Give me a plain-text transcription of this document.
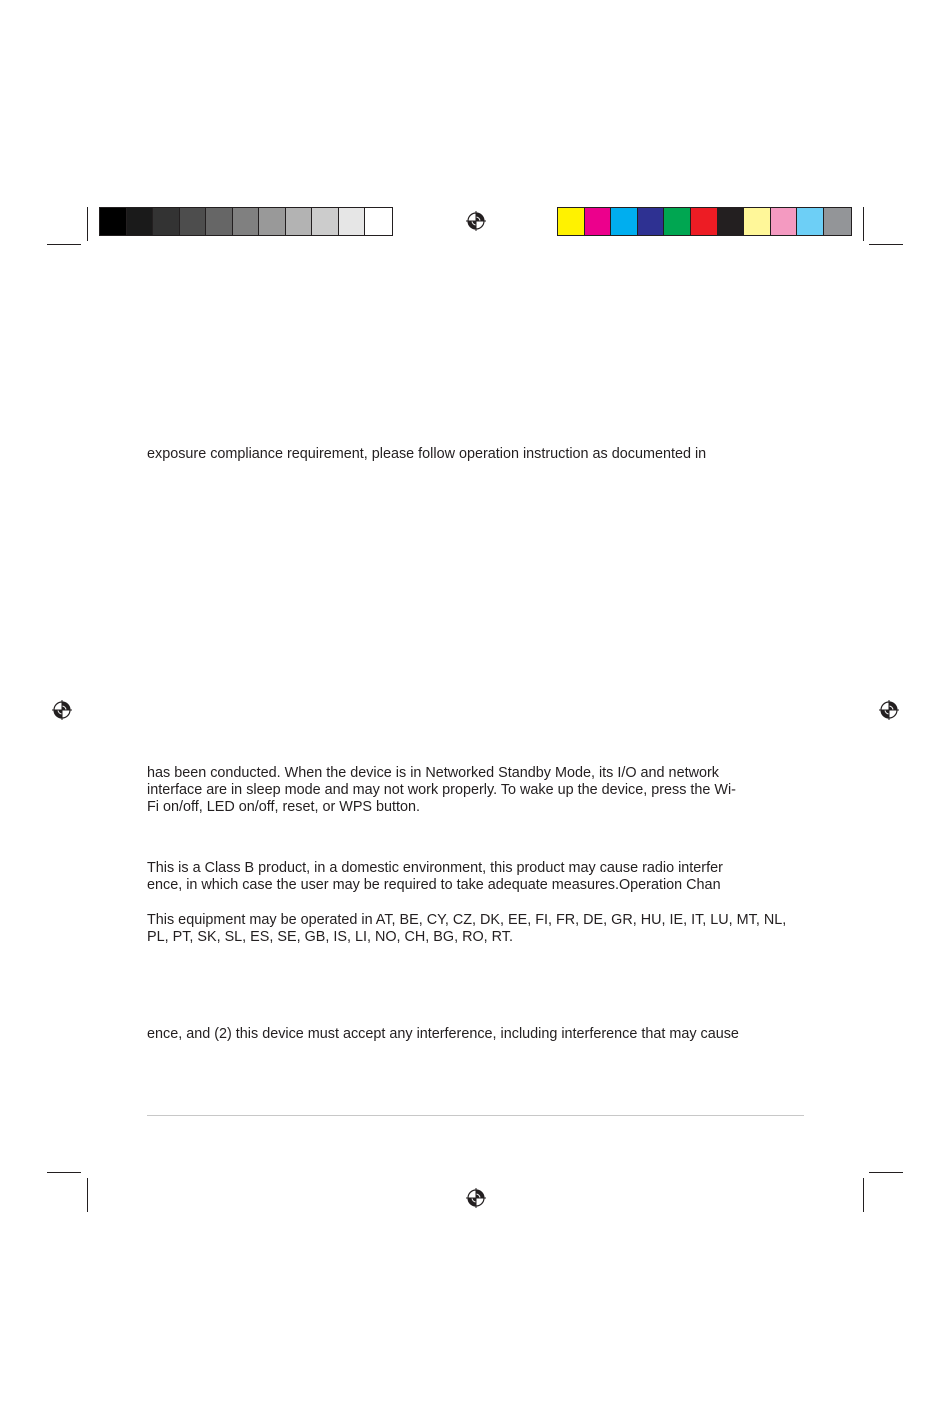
exposure compliance requirement, please follow operation instruction as documented in

has been conducted. When the device is in Networked Standby Mode, its I/O and network
interface are in sleep mode and may not work properly. To wake up the device, press the Wi-
Fi on/off, LED on/off, reset, or WPS button.

This is a Class B product, in a domestic environment, this product may cause radio interfer
ence, in which case the user may be required to take adequate measures.Operation Chan

This equipment may be operated in AT, BE, CY, CZ, DK, EE, FI, FR, DE, GR, HU, IE, IT, LU, MT, NL,
PL, PT, SK, SL, ES, SE, GB, IS, LI, NO, CH, BG, RO, RT.

ence, and (2) this device must accept any interference, including interference that may cause
